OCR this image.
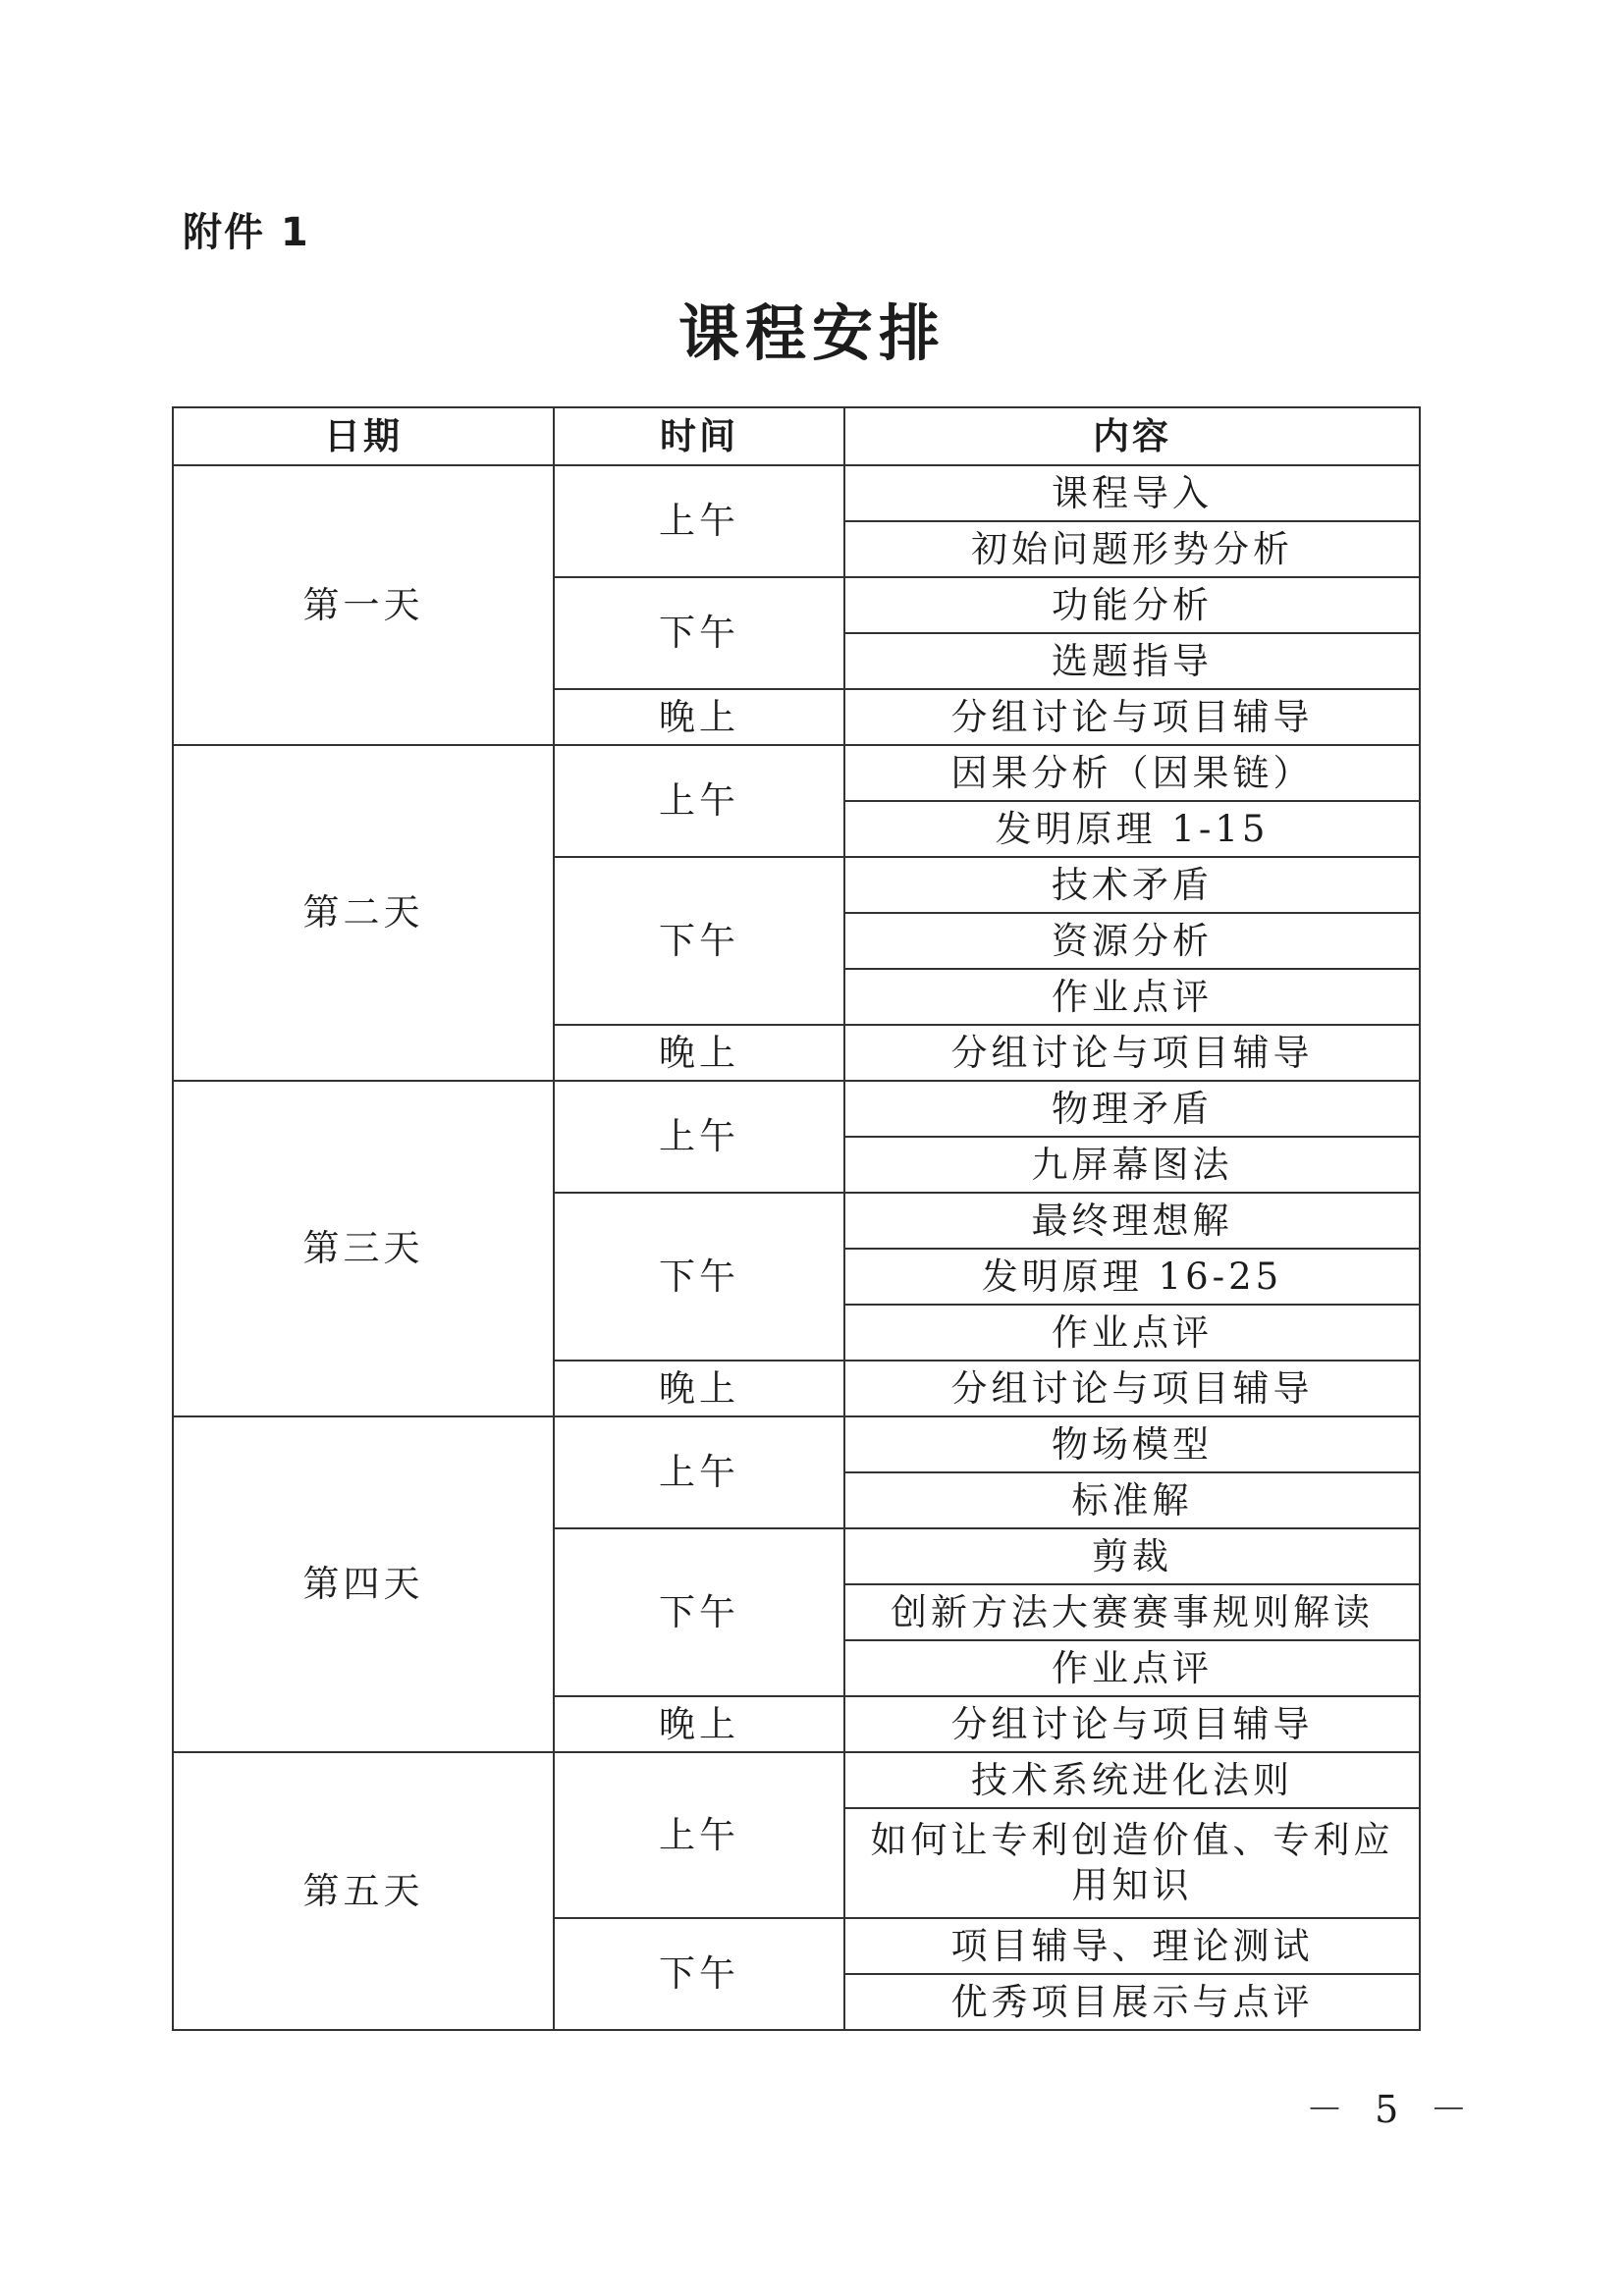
附件 1
课程安排
日期	时间	内容
第一天	上午	课程导入
		初始问题形势分析
	下午	功能分析
		选题指导
	晚上	分组讨论与项目辅导
第二天	上午	因果分析（因果链）
		发明原理 1-15
	下午	技术矛盾
		资源分析
		作业点评
	晚上	分组讨论与项目辅导
第三天	上午	物理矛盾
		九屏幕图法
	下午	最终理想解
		发明原理 16-25
		作业点评
	晚上	分组讨论与项目辅导
第四天	上午	物场模型
		标准解
	下午	剪裁
		创新方法大赛赛事规则解读
		作业点评
	晚上	分组讨论与项目辅导
第五天	上午	技术系统进化法则
		如何让专利创造价值、专利应用知识
	下午	项目辅导、理论测试
		优秀项目展示与点评
－ 5 －
